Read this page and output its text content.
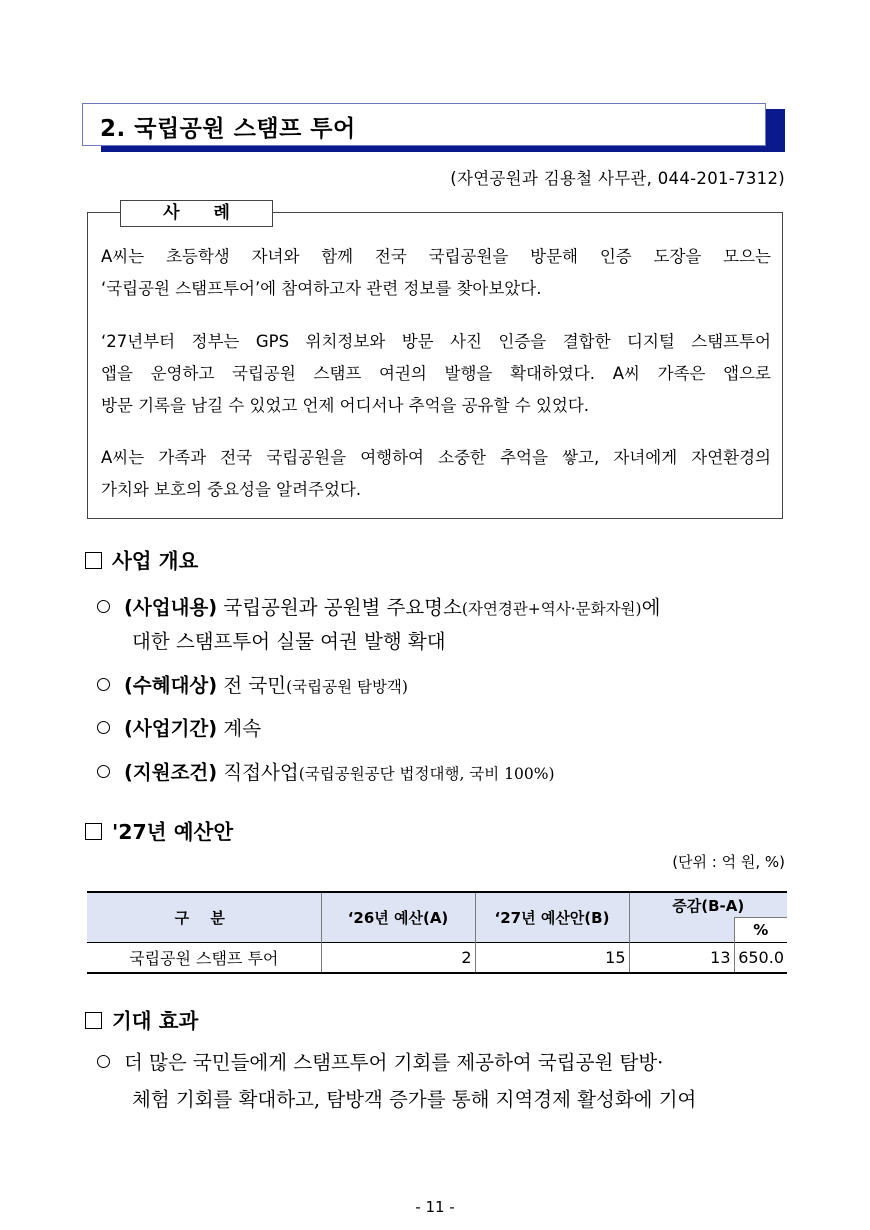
2. 국립공원 스탬프 투어
(자연공원과 김용철 사무관, 044-201-7312)
사 례
A씨는 초등학생 자녀와 함께 전국 국립공원을 방문해 인증 도장을 모으는
‘국립공원 스탬프투어’에 참여하고자 관련 정보를 찾아보았다.
‘27년부터 정부는 GPS 위치정보와 방문 사진 인증을 결합한 디지털 스탬프투어
앱을 운영하고 국립공원 스탬프 여권의 발행을 확대하였다. A씨 가족은 앱으로
방문 기록을 남길 수 있었고 언제 어디서나 추억을 공유할 수 있었다.
A씨는 가족과 전국 국립공원을 여행하여 소중한 추억을 쌓고, 자녀에게 자연환경의
가치와 보호의 중요성을 알려주었다.
사업 개요
(사업내용) 국립공원과 공원별 주요명소(자연경관+역사·문화자원)에
대한 스탬프투어 실물 여권 발행 확대
(수혜대상) 전 국민(국립공원 탐방객)
(사업기간) 계속
(지원조건) 직접사업(국립공원공단 법정대행, 국비 100%)
'27년 예산안
(단위 : 억 원, %)
구 분	‘26년 예산(A)	‘27년 예산안(B)	증감(B-A)	
				%
국립공원 스탬프 투어	2	15	13	650.0
기대 효과
더 많은 국민들에게 스탬프투어 기회를 제공하여 국립공원 탐방·
체험 기회를 확대하고, 탐방객 증가를 통해 지역경제 활성화에 기여
- 11 -
